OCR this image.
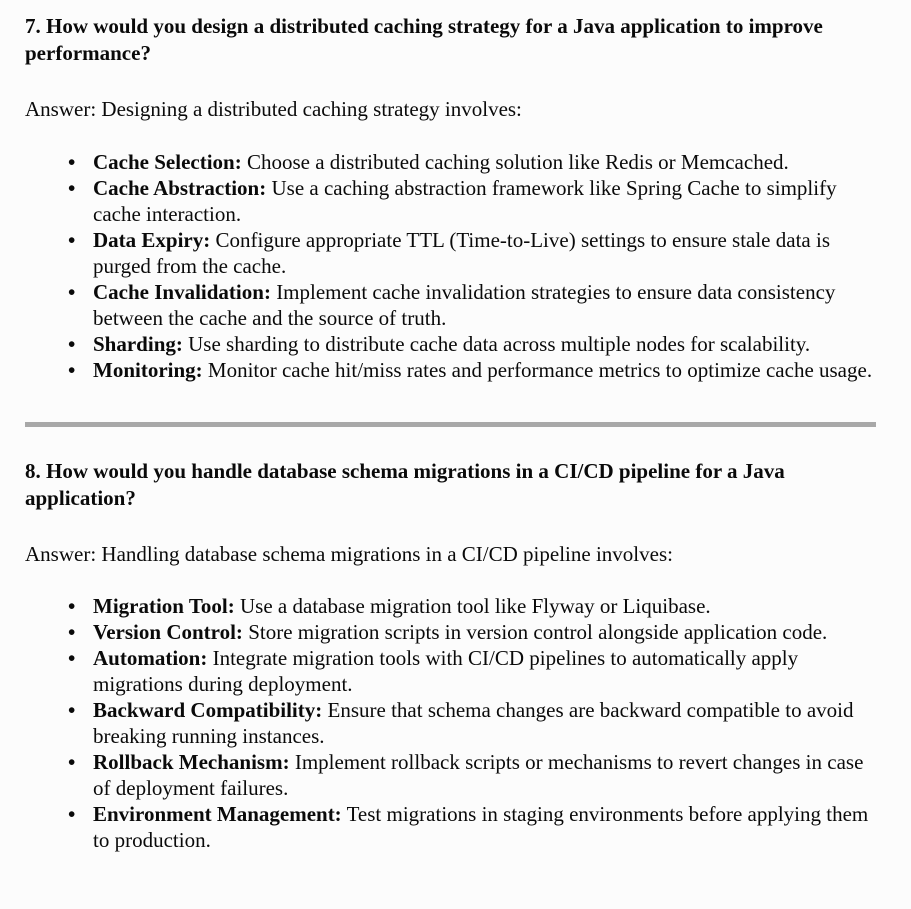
7. How would you design a distributed caching strategy for a Java application to improve performance?

Answer: Designing a distributed caching strategy involves:

• Cache Selection: Choose a distributed caching solution like Redis or Memcached.
• Cache Abstraction: Use a caching abstraction framework like Spring Cache to simplify cache interaction.
• Data Expiry: Configure appropriate TTL (Time-to-Live) settings to ensure stale data is purged from the cache.
• Cache Invalidation: Implement cache invalidation strategies to ensure data consistency between the cache and the source of truth.
• Sharding: Use sharding to distribute cache data across multiple nodes for scalability.
• Monitoring: Monitor cache hit/miss rates and performance metrics to optimize cache usage.
8. How would you handle database schema migrations in a CI/CD pipeline for a Java application?

Answer: Handling database schema migrations in a CI/CD pipeline involves:

• Migration Tool: Use a database migration tool like Flyway or Liquibase.
• Version Control: Store migration scripts in version control alongside application code.
• Automation: Integrate migration tools with CI/CD pipelines to automatically apply migrations during deployment.
• Backward Compatibility: Ensure that schema changes are backward compatible to avoid breaking running instances.
• Rollback Mechanism: Implement rollback scripts or mechanisms to revert changes in case of deployment failures.
• Environment Management: Test migrations in staging environments before applying them to production.
